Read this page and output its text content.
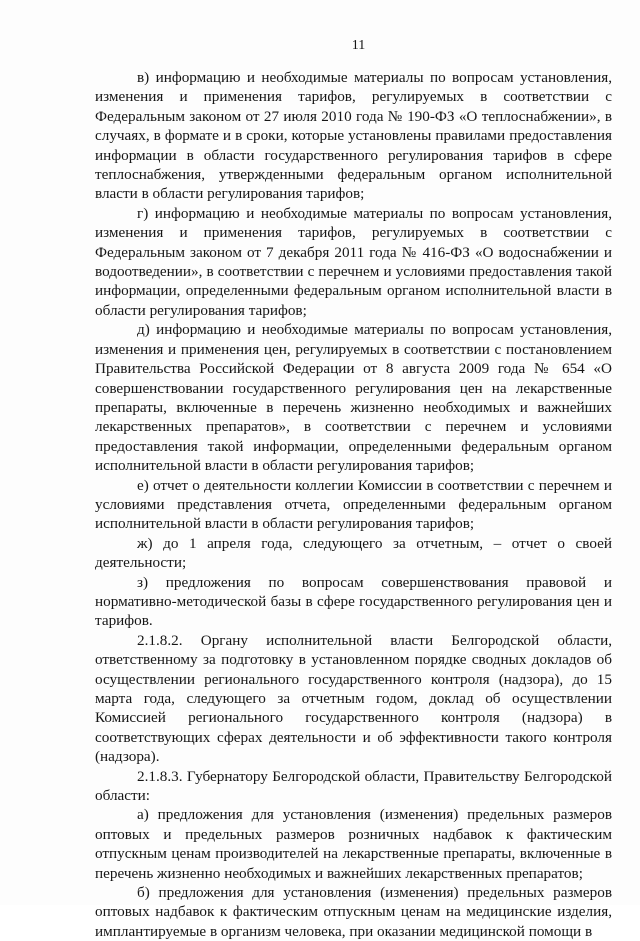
11

в) информацию и необходимые материалы по вопросам установления, изменения и применения тарифов, регулируемых в соответствии с Федеральным законом от 27 июля 2010 года № 190-ФЗ «О теплоснабжении», в случаях, в формате и в сроки, которые установлены правилами предоставления информации в области государственного регулирования тарифов в сфере теплоснабжения, утвержденными федеральным органом исполнительной власти в области регулирования тарифов;

г) информацию и необходимые материалы по вопросам установления, изменения и применения тарифов, регулируемых в соответствии с Федеральным законом от 7 декабря 2011 года № 416-ФЗ «О водоснабжении и водоотведении», в соответствии с перечнем и условиями предоставления такой информации, определенными федеральным органом исполнительной власти в области регулирования тарифов;

д) информацию и необходимые материалы по вопросам установления, изменения и применения цен, регулируемых в соответствии с постановлением Правительства Российской Федерации от 8 августа 2009 года № 654 «О совершенствовании государственного регулирования цен на лекарственные препараты, включенные в перечень жизненно необходимых и важнейших лекарственных препаратов», в соответствии с перечнем и условиями предоставления такой информации, определенными федеральным органом исполнительной власти в области регулирования тарифов;

е) отчет о деятельности коллегии Комиссии в соответствии с перечнем и условиями представления отчета, определенными федеральным органом исполнительной власти в области регулирования тарифов;

ж) до 1 апреля года, следующего за отчетным, – отчет о своей деятельности;

з) предложения по вопросам совершенствования правовой и нормативно-методической базы в сфере государственного регулирования цен и тарифов.

2.1.8.2. Органу исполнительной власти Белгородской области, ответственному за подготовку в установленном порядке сводных докладов об осуществлении регионального государственного контроля (надзора), до 15 марта года, следующего за отчетным годом, доклад об осуществлении Комиссией регионального государственного контроля (надзора) в соответствующих сферах деятельности и об эффективности такого контроля (надзора).

2.1.8.3. Губернатору Белгородской области, Правительству Белгородской области:

а) предложения для установления (изменения) предельных размеров оптовых и предельных размеров розничных надбавок к фактическим отпускным ценам производителей на лекарственные препараты, включенные в перечень жизненно необходимых и важнейших лекарственных препаратов;

б) предложения для установления (изменения) предельных размеров оптовых надбавок к фактическим отпускным ценам на медицинские изделия, имплантируемые в организм человека, при оказании медицинской помощи в
